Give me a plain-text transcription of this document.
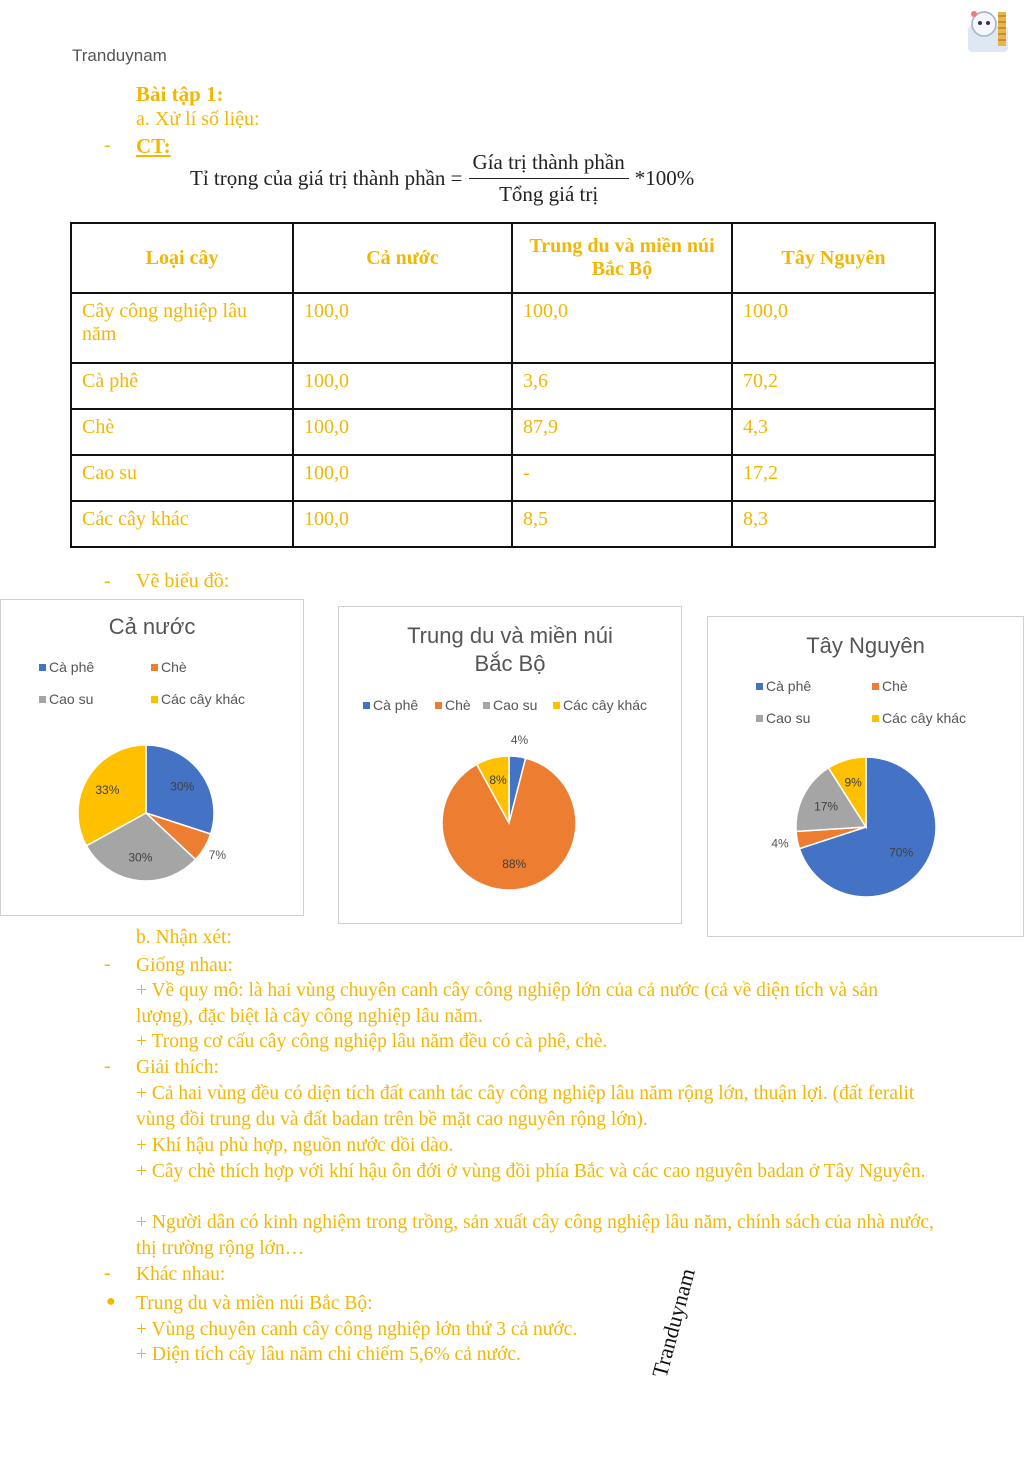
Tranduynam
Bài tập 1:
a. Xử lí số liệu:
- CT:
Tỉ trọng của giá trị thành phần = $\frac{\text{Gía trị thành phần}}{\text{Tổng giá trị}} *100\%$
Loại cây	Cả nước	Trung du và miền núi Bắc Bộ	Tây Nguyên
Cây công nghiệp lâu năm	100,0	100,0	100,0
Cà phê	100,0	3,6	70,2
Chè	100,0	87,9	4,3
Cao su	100,0	-	17,2
Các cây khác	100,0	8,5	8,3
- Vẽ biểu đồ:
Cả nước
Cà phê	Chè
Cao su	Các cây khác
30%
7%
30%
33%
Trung du và miền núi
Bắc Bộ
Cà phê Chè Cao su Các cây khác
4%
88%
8%
Tây Nguyên
Cà phê	Chè
Cao su	Các cây khác
70%
4%
17%
9%
b. Nhận xét:
- Giống nhau:
+ Về quy mô: là hai vùng chuyên canh cây công nghiệp lớn của cả nước (cả về diện tích và sản lượng), đặc biệt là cây công nghiệp lâu năm.
+ Trong cơ cấu cây công nghiệp lâu năm đều có cà phê, chè.
- Giải thích:
+ Cả hai vùng đều có diện tích đất canh tác cây công nghiệp lâu năm rộng lớn, thuận lợi. (đất feralit vùng đồi trung du và đất badan trên bề mặt cao nguyên rộng lớn).
+ Khí hậu phù hợp, nguồn nước dồi dào.
+ Cây chè thích hợp với khí hậu ôn đới ở vùng đồi phía Bắc và các cao nguyên badan ở Tây Nguyên.
+ Người dân có kinh nghiệm trong trồng, sản xuất cây công nghiệp lâu năm, chính sách của nhà nước, thị trường rộng lớn…
- Khác nhau:
● Trung du và miền núi Bắc Bộ:
+ Vùng chuyên canh cây công nghiệp lớn thứ 3 cả nước.
+ Diện tích cây lâu năm chỉ chiếm 5,6% cả nước.	Tranduynam
